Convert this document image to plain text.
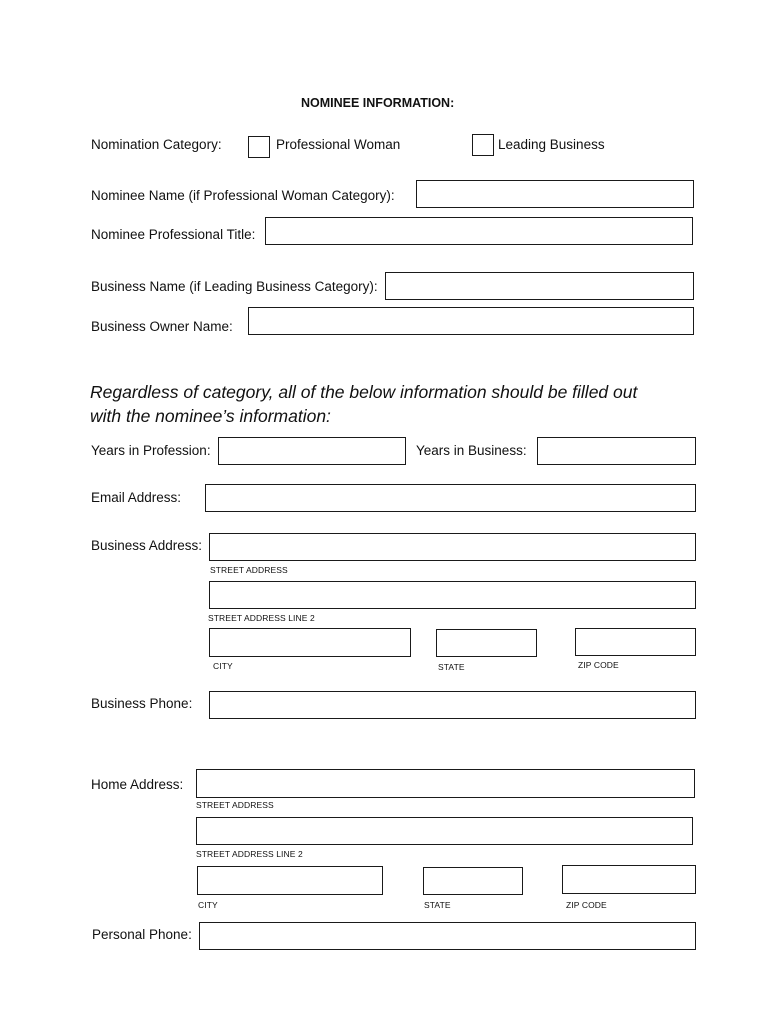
NOMINEE INFORMATION:
Nomination Category:	Professional Woman	Leading Business
Nominee Name (if Professional Woman Category):
Nominee Professional Title:
Business Name (if Leading Business Category):
Business Owner Name:
Regardless of category, all of the below information should be filled out
with the nominee’s information:
Years in Profession:	Years in Business:
Email Address:
Business Address:
STREET ADDRESS
STREET ADDRESS LINE 2
CITY	STATE	ZIP CODE
Business Phone:
Home Address:
STREET ADDRESS
STREET ADDRESS LINE 2
CITY	STATE	ZIP CODE
Personal Phone:
